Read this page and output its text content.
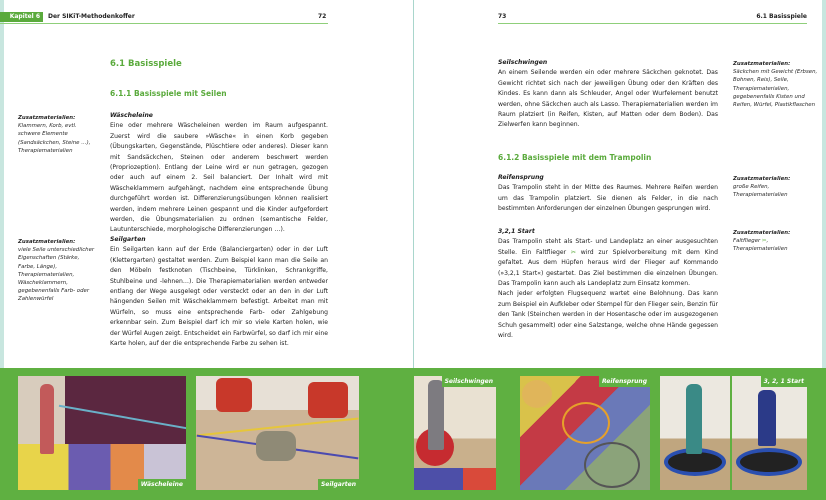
Kapitel 6	Der SIKiT-Methodenkoffer	72
6.1 Basisspiele
6.1.1 Basisspiele mit Seilen
Zusatzmaterialien:
Klammern, Korb, evtl. schwere Elemente (Sandsäckchen, Steine …), Therapiematerialien
Wäscheleine
Eine oder mehrere Wäscheleinen werden im Raum aufgespannt. Zuerst wird die saubere »Wäsche« in einen Korb gegeben (Übungskarten, Gegenstände, Plüschtiere oder anderes). Dieser kann mit Sandsäckchen, Steinen oder anderem beschwert werden (Propriozeption). Entlang der Leine wird er nun getragen, gezogen oder auch auf einem 2. Seil balanciert. Der Inhalt wird mit Wäscheklammern aufgehängt, nachdem eine entsprechende Übung durchgeführt worden ist. Differenzierungsübungen können realisiert werden, indem mehrere Leinen gespannt und die Kinder aufgefordert werden, die Übungsmaterialien zu ordnen (semantische Felder, Lautunterschiede, morphologische Differenzierungen …).
Zusatzmaterialien:
viele Seile unterschiedlicher Eigenschaften (Stärke, Farbe, Länge), Therapiematerialien, Wäscheklammern, gegebenenfalls Farb- oder Zahlenwürfel
Seilgarten
Ein Seilgarten kann auf der Erde (Balanciergarten) oder in der Luft (Klettergarten) gestaltet werden. Zum Beispiel kann man die Seile an den Möbeln festknoten (Tischbeine, Türklinken, Schrankgriffe, Stuhlbeine und -lehnen…). Die Therapiematerialien werden entweder entlang der Wege ausgelegt oder versteckt oder an den in der Luft hängenden Seilen mit Wäscheklammern befestigt. Arbeitet man mit Würfeln, so muss eine entsprechende Farb- oder Zahlgebung erkennbar sein. Zum Beispiel darf ich mir so viele Karten holen, wie der Würfel Augen zeigt. Entscheidet ein Farbwürfel, so darf ich mir eine Karte holen, auf der die entsprechende Farbe zu sehen ist.
73	6.1 Basisspiele
Seilschwingen
An einem Seilende werden ein oder mehrere Säckchen geknotet. Das Gewicht richtet sich nach der jeweiligen Übung oder den Kräften des Kindes. Es kann dann als Schleuder, Angel oder Wurfelement benutzt werden, ohne Säckchen auch als Lasso. Therapiematerialien werden im Raum platziert (in Reifen, Kisten, auf Matten oder dem Boden). Das Zielwerfen kann beginnen.
Zusatzmaterialien:
Säckchen mit Gewicht (Erbsen, Bohnen, Reis), Seile, Therapiematerialien, gegebenenfalls Kisten und Reifen, Würfel, Plastikflaschen
6.1.2 Basisspiele mit dem Trampolin
Reifensprung
Das Trampolin steht in der Mitte des Raumes. Mehrere Reifen werden um das Trampolin platziert. Sie dienen als Felder, in die nach bestimmten Anforderungen der einzelnen Übungen gesprungen wird.
Zusatzmaterialien:
große Reifen, Therapiematerialien
3,2,1 Start
Das Trampolin steht als Start- und Landeplatz an einer ausgesuchten Stelle. Ein Faltflieger ✂ wird zur Spielvorbereitung mit dem Kind gefaltet. Aus dem Hüpfen heraus wird der Flieger auf Kommando (»3,2,1 Start«) gestartet. Das Ziel bestimmen die einzelnen Übungen. Das Trampolin kann auch als Landeplatz zum Einsatz kommen.
Nach jeder erfolgten Flugsequenz wartet eine Belohnung. Das kann zum Beispiel ein Aufkleber oder Stempel für den Flieger sein, Benzin für den Tank (Steinchen werden in der Hosentasche oder im ausgezogenen Schuh gesammelt) oder eine Salzstange, welche ohne Hände gegessen wird.
Zusatzmaterialien:
Faltflieger ✂, Therapiematerialien
Wäscheleine	Seilgarten
Seilschwingen	Reifensprung	3, 2, 1 Start
